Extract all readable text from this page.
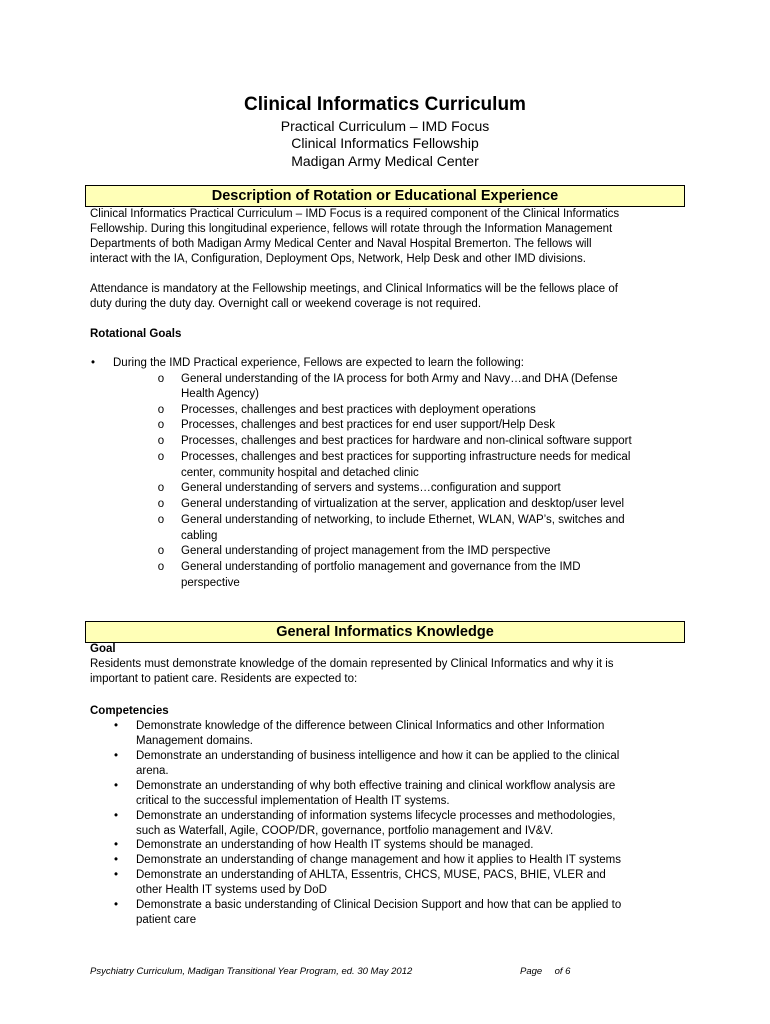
Clinical Informatics Curriculum
Practical Curriculum – IMD Focus
Clinical Informatics Fellowship
Madigan Army Medical Center
Description of Rotation or Educational Experience
Clinical Informatics Practical Curriculum – IMD Focus is a required component of the Clinical Informatics
Fellowship. During this longitudinal experience, fellows will rotate through the Information Management
Departments of both Madigan Army Medical Center and Naval Hospital Bremerton. The fellows will
interact with the IA, Configuration, Deployment Ops, Network, Help Desk and other IMD divisions.
Attendance is mandatory at the Fellowship meetings, and Clinical Informatics will be the fellows place of
duty during the duty day. Overnight call or weekend coverage is not required.
Rotational Goals
•	During the IMD Practical experience, Fellows are expected to learn the following:
o	General understanding of the IA process for both Army and Navy…and DHA (Defense
Health Agency)
o	Processes, challenges and best practices with deployment operations
o	Processes, challenges and best practices for end user support/Help Desk
o	Processes, challenges and best practices for hardware and non-clinical software support
o	Processes, challenges and best practices for supporting infrastructure needs for medical
center, community hospital and detached clinic
o	General understanding of servers and systems…configuration and support
o	General understanding of virtualization at the server, application and desktop/user level
o	General understanding of networking, to include Ethernet, WLAN, WAP’s, switches and
cabling
o	General understanding of project management from the IMD perspective
o	General understanding of portfolio management and governance from the IMD
perspective
General Informatics Knowledge
Goal
Residents must demonstrate knowledge of the domain represented by Clinical Informatics and why it is
important to patient care. Residents are expected to:
Competencies
•	Demonstrate knowledge of the difference between Clinical Informatics and other Information
Management domains.
•	Demonstrate an understanding of business intelligence and how it can be applied to the clinical
arena.
•	Demonstrate an understanding of why both effective training and clinical workflow analysis are
critical to the successful implementation of Health IT systems.
•	Demonstrate an understanding of information systems lifecycle processes and methodologies,
such as Waterfall, Agile, COOP/DR, governance, portfolio management and IV&V.
•	Demonstrate an understanding of how Health IT systems should be managed.
•	Demonstrate an understanding of change management and how it applies to Health IT systems
•	Demonstrate an understanding of AHLTA, Essentris, CHCS, MUSE, PACS, BHIE, VLER and
other Health IT systems used by DoD
•	Demonstrate a basic understanding of Clinical Decision Support and how that can be applied to
patient care
Psychiatry Curriculum, Madigan Transitional Year Program, ed. 30 May 2012	Page of 6
